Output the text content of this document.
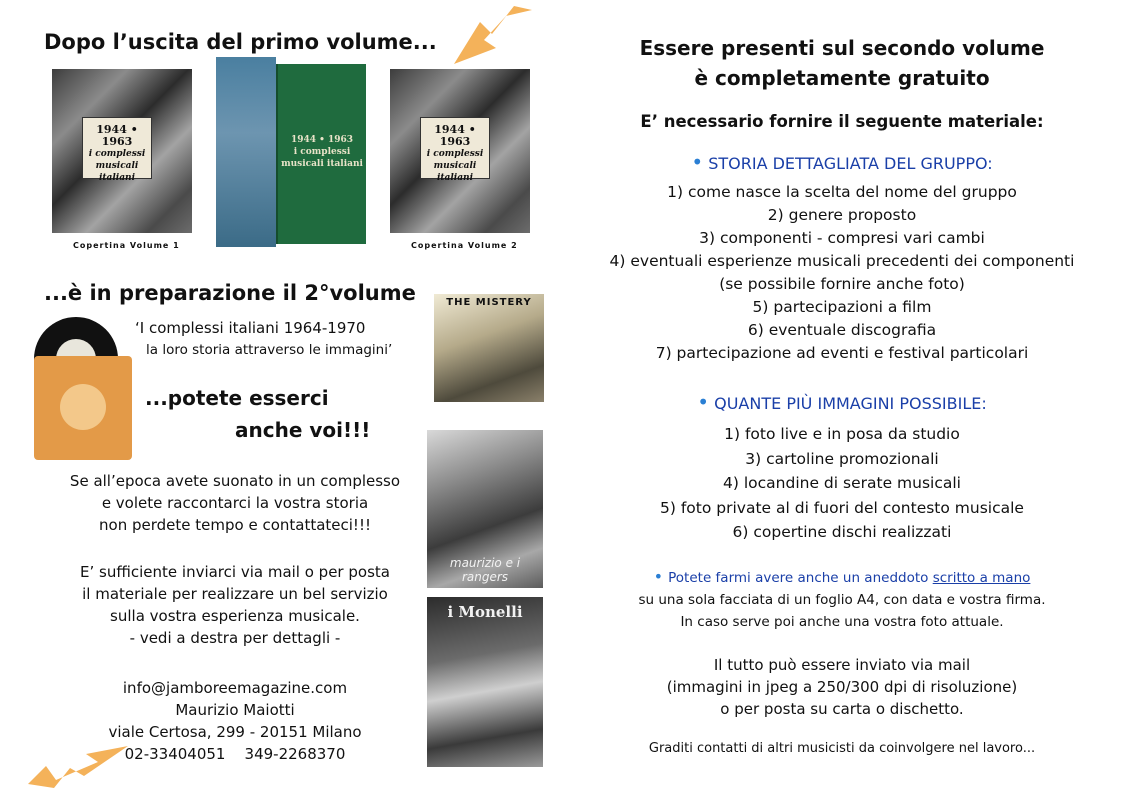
Dopo l’uscita del primo volume...
1944 • 1963
i complessi musicali italiani
Copertina Volume 1
1944 • 1963
i complessi musicali italiani
1944 • 1963
i complessi musicali italiani
Copertina Volume 2
...è in preparazione il 2°volume
‘I complessi italiani 1964-1970
la loro storia attraverso le immagini’
THE MISTERY
...potete esserci
anche voi!!!
Se all’epoca avete suonato in un complesso
e volete raccontarci la vostra storia
non perdete tempo e contattateci!!!
E’ sufficiente inviarci via mail o per posta
il materiale per realizzare un bel servizio
sulla vostra esperienza musicale.
- vedi a destra per dettagli -
maurizio e i rangers
i Monelli
info@jamboreemagazine.com
Maurizio Maiotti
viale Certosa, 299 - 20151 Milano
02-33404051    349-2268370
Essere presenti sul secondo volume
è completamente gratuito
E’ necessario fornire il seguente materiale:
• STORIA DETTAGLIATA DEL GRUPPO:
1) come nasce la scelta del nome del gruppo
2) genere proposto
3) componenti - compresi vari cambi
4) eventuali esperienze musicali precedenti dei componenti
(se possibile fornire anche foto)
5) partecipazioni a film
6) eventuale discografia
7) partecipazione ad eventi e festival particolari
• QUANTE PIÙ IMMAGINI POSSIBILE:
1) foto live e in posa da studio
3) cartoline promozionali
4) locandine di serate musicali
5) foto private al di fuori del contesto musicale
6) copertine dischi realizzati
• Potete farmi avere anche un aneddoto scritto a mano
su una sola facciata di un foglio A4, con data e vostra firma.
In caso serve poi anche una vostra foto attuale.
Il tutto può essere inviato via mail
(immagini in jpeg a 250/300 dpi di risoluzione)
o per posta su carta o dischetto.
Graditi contatti di altri musicisti da coinvolgere nel lavoro...
